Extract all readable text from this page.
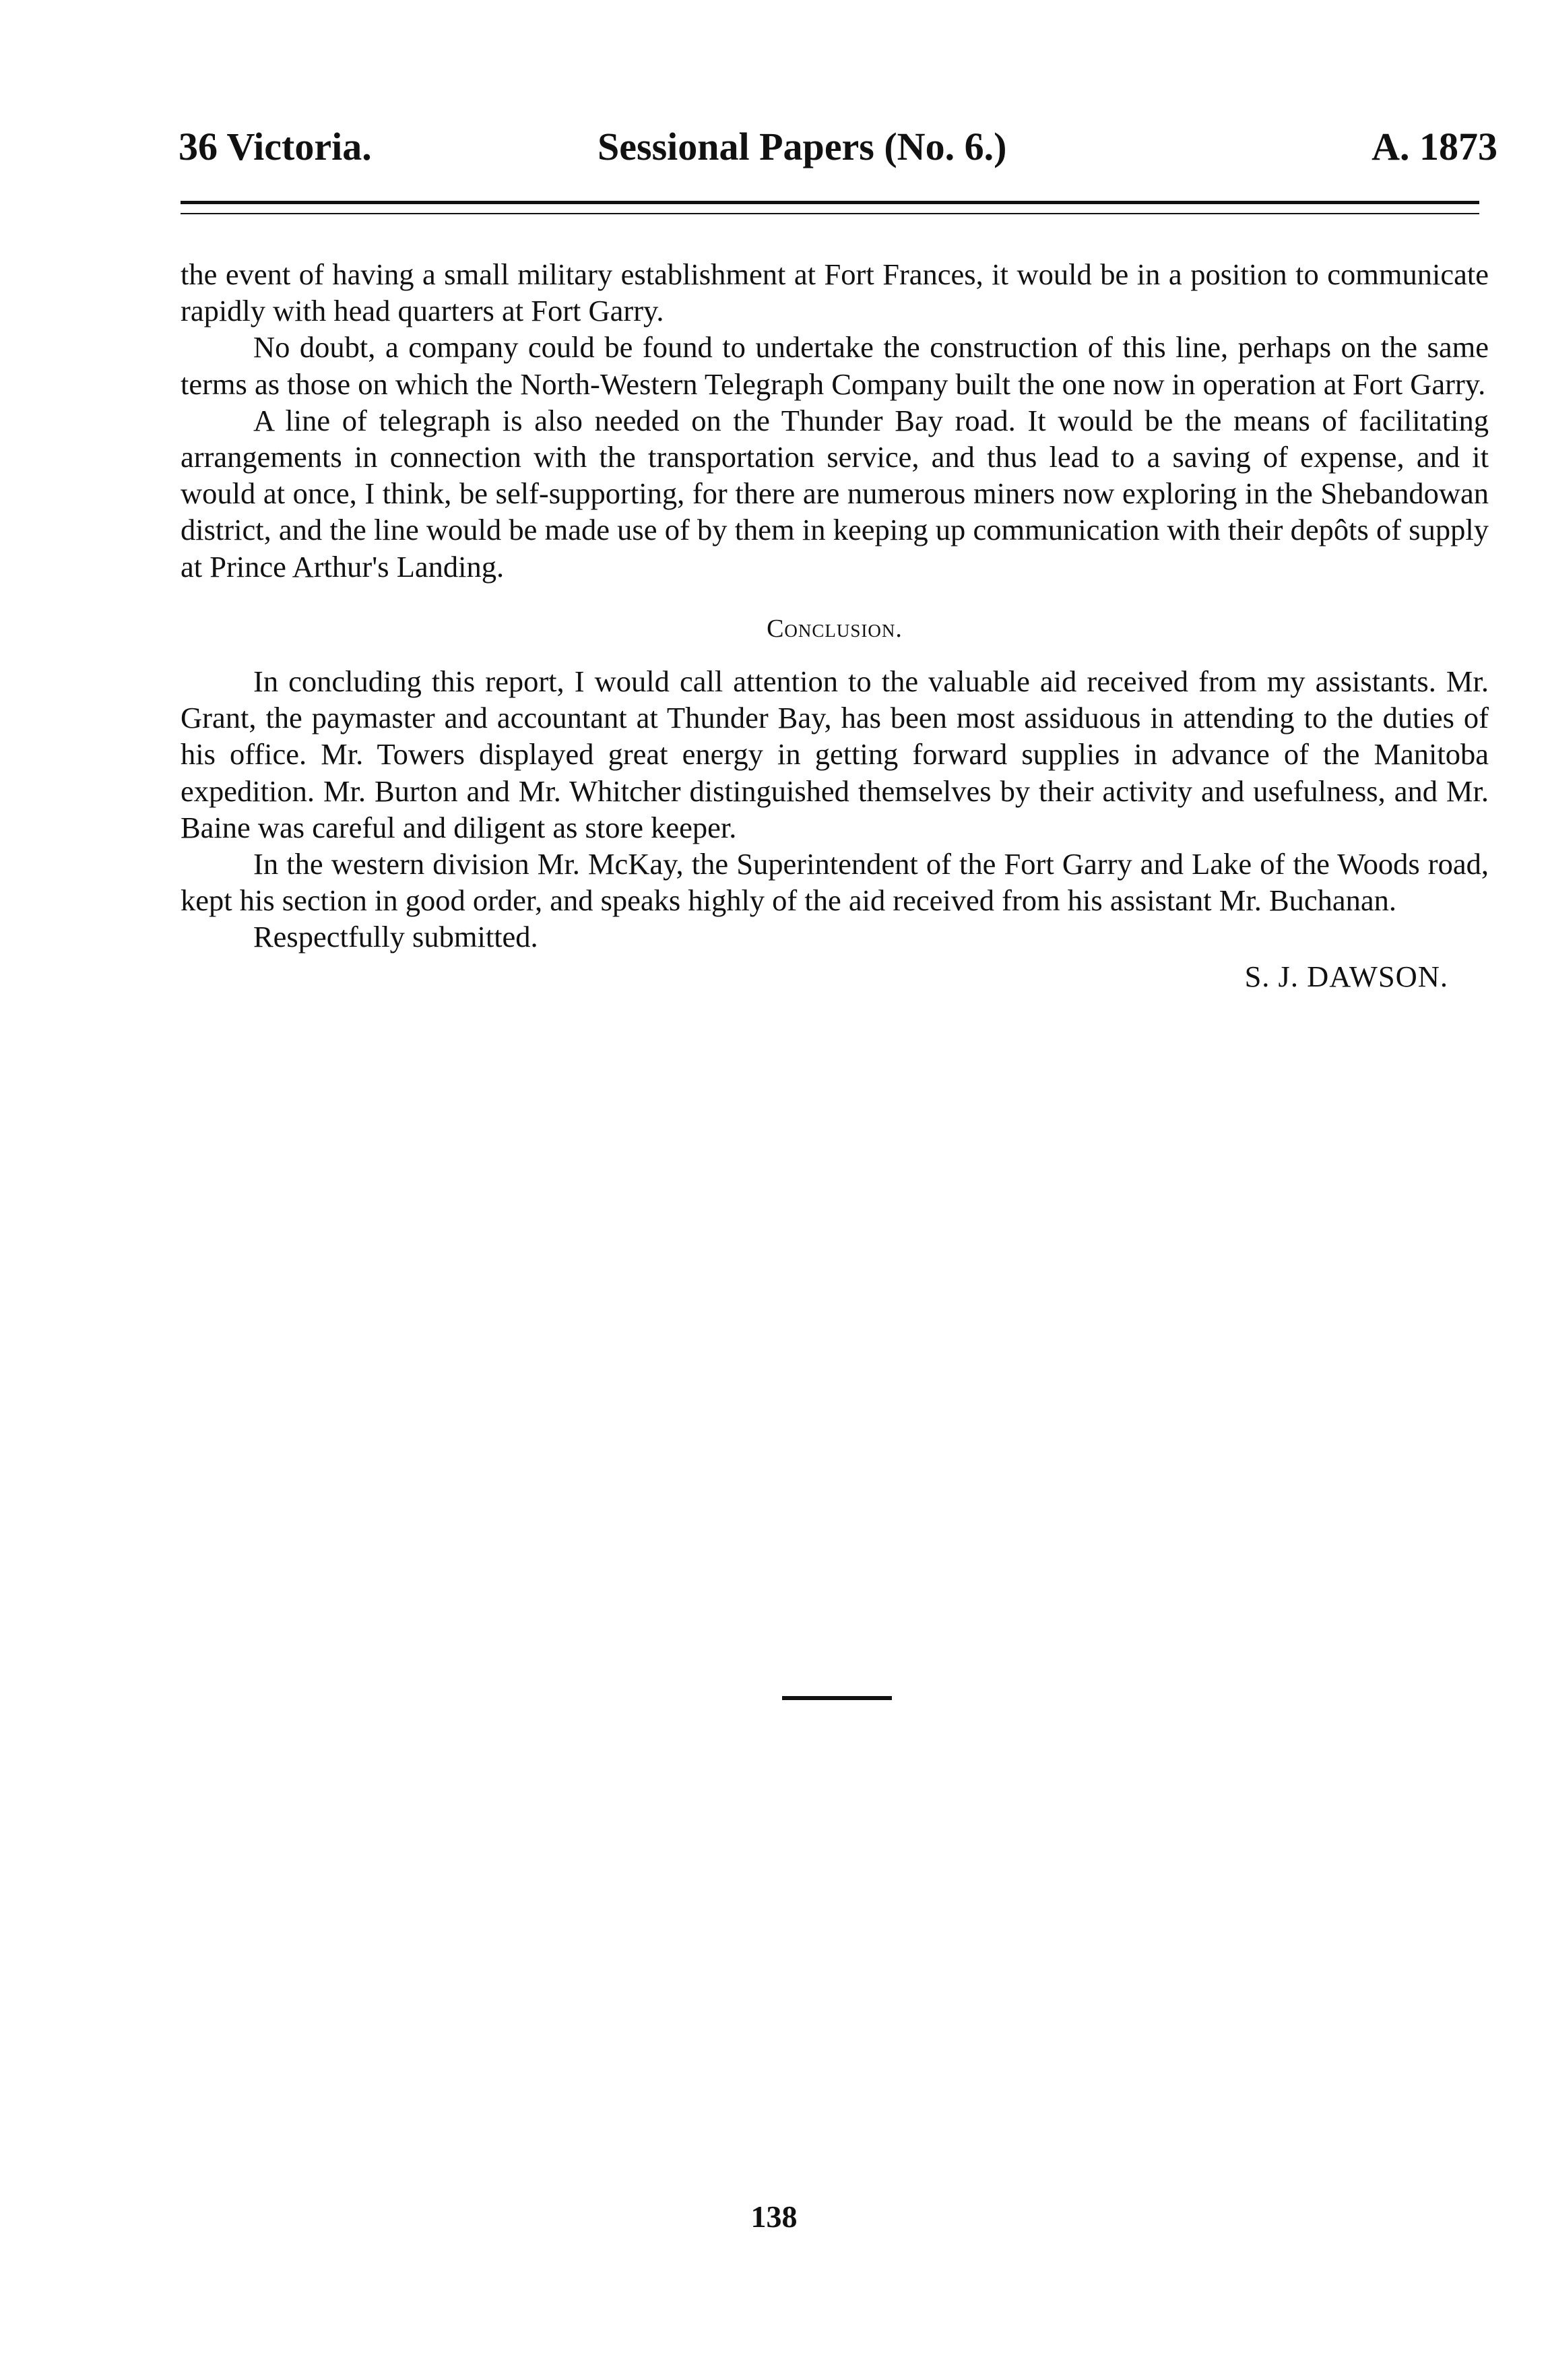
36 Victoria.	Sessional Papers (No. 6.)	A. 1873

the event of having a small military establishment at Fort Frances, it would be in a position to communicate rapidly with head quarters at Fort Garry.

No doubt, a company could be found to undertake the construction of this line, perhaps on the same terms as those on which the North-Western Telegraph Company built the one now in operation at Fort Garry.

A line of telegraph is also needed on the Thunder Bay road. It would be the means of facilitating arrangements in connection with the transportation service, and thus lead to a saving of expense, and it would at once, I think, be self-supporting, for there are numerous miners now exploring in the Shebandowan district, and the line would be made use of by them in keeping up communication with their depôts of supply at Prince Arthur's Landing.

Conclusion.

In concluding this report, I would call attention to the valuable aid received from my assistants. Mr. Grant, the paymaster and accountant at Thunder Bay, has been most assiduous in attending to the duties of his office. Mr. Towers displayed great energy in getting forward supplies in advance of the Manitoba expedition. Mr. Burton and Mr. Whitcher distinguished themselves by their activity and usefulness, and Mr. Baine was careful and diligent as store keeper.

In the western division Mr. McKay, the Superintendent of the Fort Garry and Lake of the Woods road, kept his section in good order, and speaks highly of the aid received from his assistant Mr. Buchanan.

Respectfully submitted.

S. J. DAWSON.

138
